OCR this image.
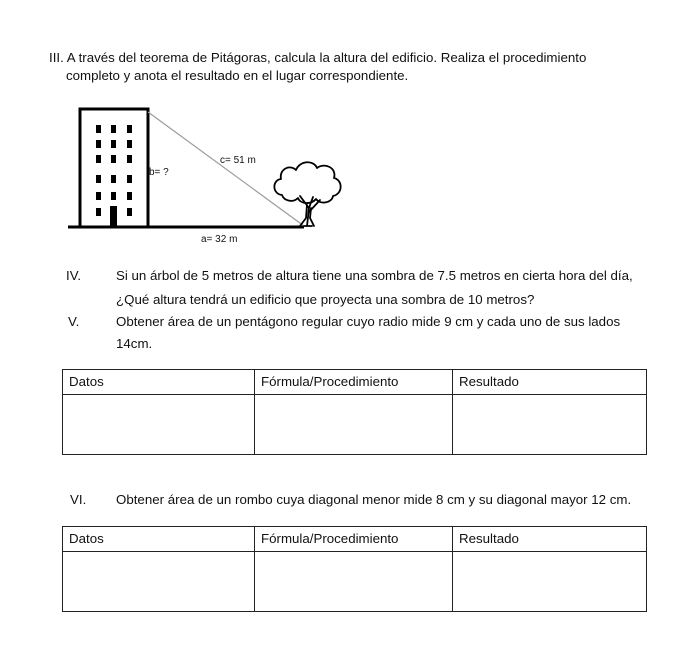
III. A través del teorema de Pitágoras, calcula la altura del edificio. Realiza el procedimiento
completo y anota el resultado en el lugar correspondiente.
b= ?
c= 51 m
a= 32 m
IV.	Si un árbol de 5 metros de altura tiene una sombra de 7.5 metros en cierta hora del día,
¿Qué altura tendrá un edificio que proyecta una sombra de 10 metros?
V.	Obtener área de un pentágono regular cuyo radio mide 9 cm y cada uno de sus lados
14cm.
Datos	Fórmula/Procedimiento	Resultado

VI. Obtener área de un rombo cuya diagonal menor mide 8 cm y su diagonal mayor 12 cm.
Datos	Fórmula/Procedimiento	Resultado
